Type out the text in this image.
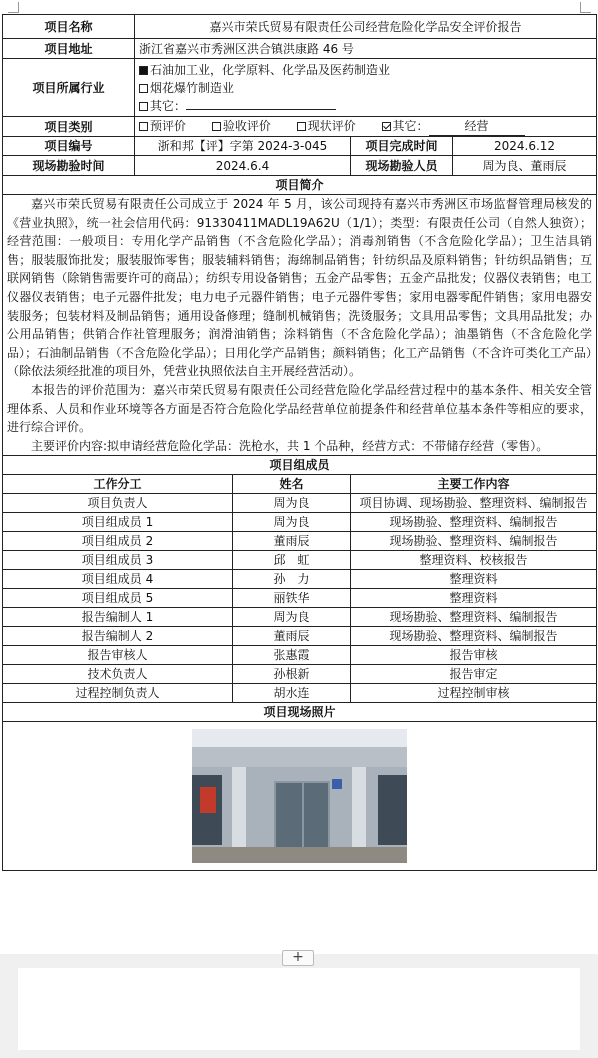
项目名称	嘉兴市荣氏贸易有限责任公司经营危险化学品安全评价报告			
项目地址	浙江省嘉兴市秀洲区洪合镇洪康路 46 号			
项目所属行业	石油加工业，化学原料、化学品及医药制造业
烟花爆竹制造业
其它：			

项目类别	预评价 验收评价 现状评价 其它： 经营			
项目编号	浙和邦【评】字第 2024-3-045		项目完成时间	2024.6.12
现场勘验时间	2024.6.4		现场勘验人员	周为良、董雨辰
项目简介				

嘉兴市荣氏贸易有限责任公司成立于 2024 年 5 月，该公司现持有嘉兴市秀洲区市场监督管理局核发的《营业执照》，统一社会信用代码：91330411MADL19A62U（1/1）；类型：有限责任公司（自然人独资）；经营范围：一般项目：专用化学产品销售（不含危险化学品）；消毒剂销售（不含危险化学品）；卫生洁具销售；服装服饰批发；服装服饰零售；服装辅料销售；海绵制品销售；针纺织品及原料销售；针纺织品销售；互联网销售（除销售需要许可的商品）；纺织专用设备销售；五金产品零售；五金产品批发；仪器仪表销售；电工仪器仪表销售；电子元器件批发；电力电子元器件销售；电子元器件零售；家用电器零配件销售；家用电器安装服务；包装材料及制品销售；通用设备修理；缝制机械销售；洗烫服务；文具用品零售；文具用品批发；办公用品销售；供销合作社管理服务；润滑油销售；涂料销售（不含危险化学品）；油墨销售（不含危险化学品）；石油制品销售（不含危险化学品）；日用化学产品销售；颜料销售；化工产品销售（不含许可类化工产品）（除依法须经批准的项目外，凭营业执照依法自主开展经营活动）。

本报告的评价范围为：嘉兴市荣氏贸易有限责任公司经营危险化学品经营过程中的基本条件、相关安全管理体系、人员和作业环境等各方面是否符合危险化学品经营单位前提条件和经营单位基本条件等相应的要求，进行综合评价。

主要评价内容:拟申请经营危险化学品：洗枪水，共 1 个品种，经营方式：不带储存经营（零售）。				

项目组成员				
工作分工		姓名	主要工作内容	
项目负责人		周为良	项目协调、现场勘验、整理资料、编制报告	
项目组成员 1		周为良	现场勘验、整理资料、编制报告	
项目组成员 2		董雨辰	现场勘验、整理资料、编制报告	
项目组成员 3		邱　虹	整理资料、校核报告	
项目组成员 4		孙　力	整理资料	
项目组成员 5		丽铁华	整理资料	
报告编制人 1		周为良	现场勘验、整理资料、编制报告	
报告编制人 2		董雨辰	现场勘验、整理资料、编制报告	
报告审核人		张惠霞	报告审核	
技术负责人		孙根新	报告审定	
过程控制负责人		胡水连	过程控制审核	
项目现场照片				

+
